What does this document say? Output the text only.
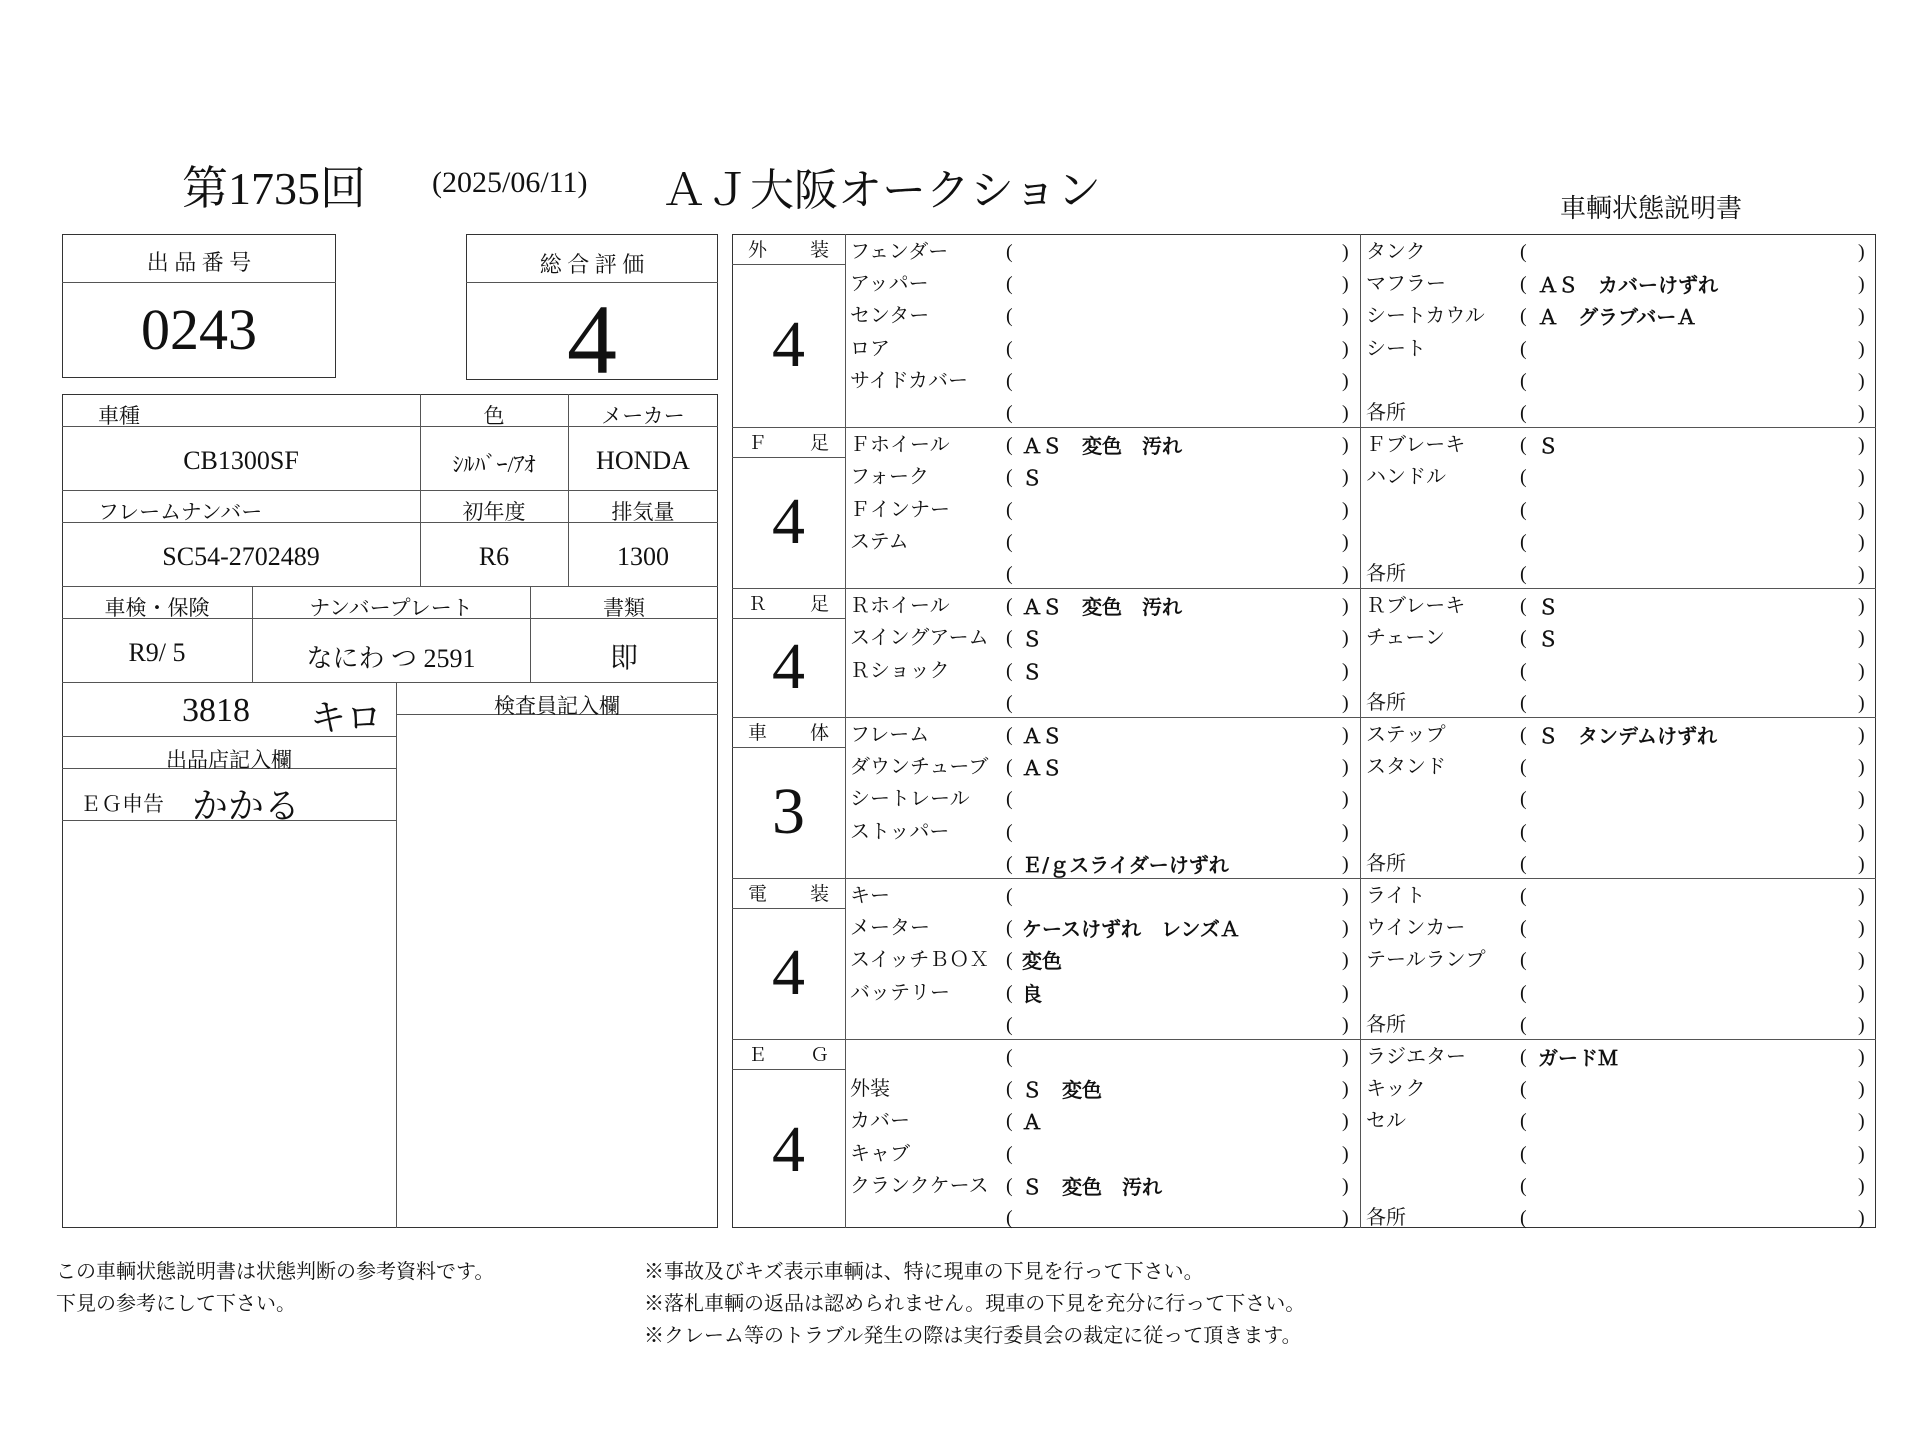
第1735回 (2025/06/11) ＡＪ大阪オークション	車輌状態説明書
出 品 番 号
0243
総 合 評 価
4
車種	色	メーカー
CB1300SF	ｼﾙﾊﾞｰ/ｱｵ	HONDA
フレームナンバー	初年度	排気量
SC54-2702489	R6	1300
車検・保険	ナンバープレート	書類
R9/ 5	なにわ つ 2591	即
3818 キロ	検査員記入欄
出品店記入欄
ＥＧ申告 かかる
この車輌状態説明書は状態判断の参考資料です。
下見の参考にして下さい。
※事故及びキズ表示車輌は、特に現車の下見を行って下さい。
※落札車輌の返品は認められません。現車の下見を充分に行って下さい。
※クレーム等のトラブル発生の際は実行委員会の裁定に従って頂きます。
外　装
4
フェンダー	(	) タンク	(	)
アッパー	(	) マフラー	( ＡＳ　カバーけずれ	)
センター	(	) シートカウル ( Ａ　グラブバーＡ	)
ロア	(	) シート	(	)
サイドカバー (	)	(	)
(	) 各所	(	)
Ｆ　足
4
Ｆホイール	( ＡＳ　変色　汚れ	) Ｆブレーキ	( Ｓ	)
フォーク	( Ｓ	) ハンドル	(	)
Ｆインナー	(	)	(	)
ステム	(	)	(	)
(	) 各所	(	)
Ｒ　足
4
Ｒホイール	( ＡＳ　変色　汚れ	) Ｒブレーキ	( Ｓ	)
スイングアーム ( Ｓ	) チェーン	( Ｓ	)
Ｒショック	( Ｓ	)	(	)
(	) 各所	(	)
車　体
3
フレーム	( ＡＳ	) ステップ	( Ｓ　タンデムけずれ	)
ダウンチューブ ( ＡＳ	) スタンド	(	)
シートレール (	)	(	)
ストッパー	(	)	(	)
( Ｅ/ｇスライダーけずれ	) 各所	(	)
電　装
4
キー	(	) ライト	(	)
メーター	( ケースけずれ　レンズＡ	) ウインカー	(	)
スイッチＢＯＸ ( 変色	) テールランプ (	)
バッテリー	( 良	)	(	)
(	) 各所	(	)
Ｅ　Ｇ
4
(	) ラジエター	( ガードＭ	)
外装	( Ｓ　変色	) キック	(	)
カバー	( Ａ	) セル	(	)
キャブ	(	)	(	)
クランクケース ( Ｓ　変色　汚れ	)	(	)
(	) 各所	(	)
